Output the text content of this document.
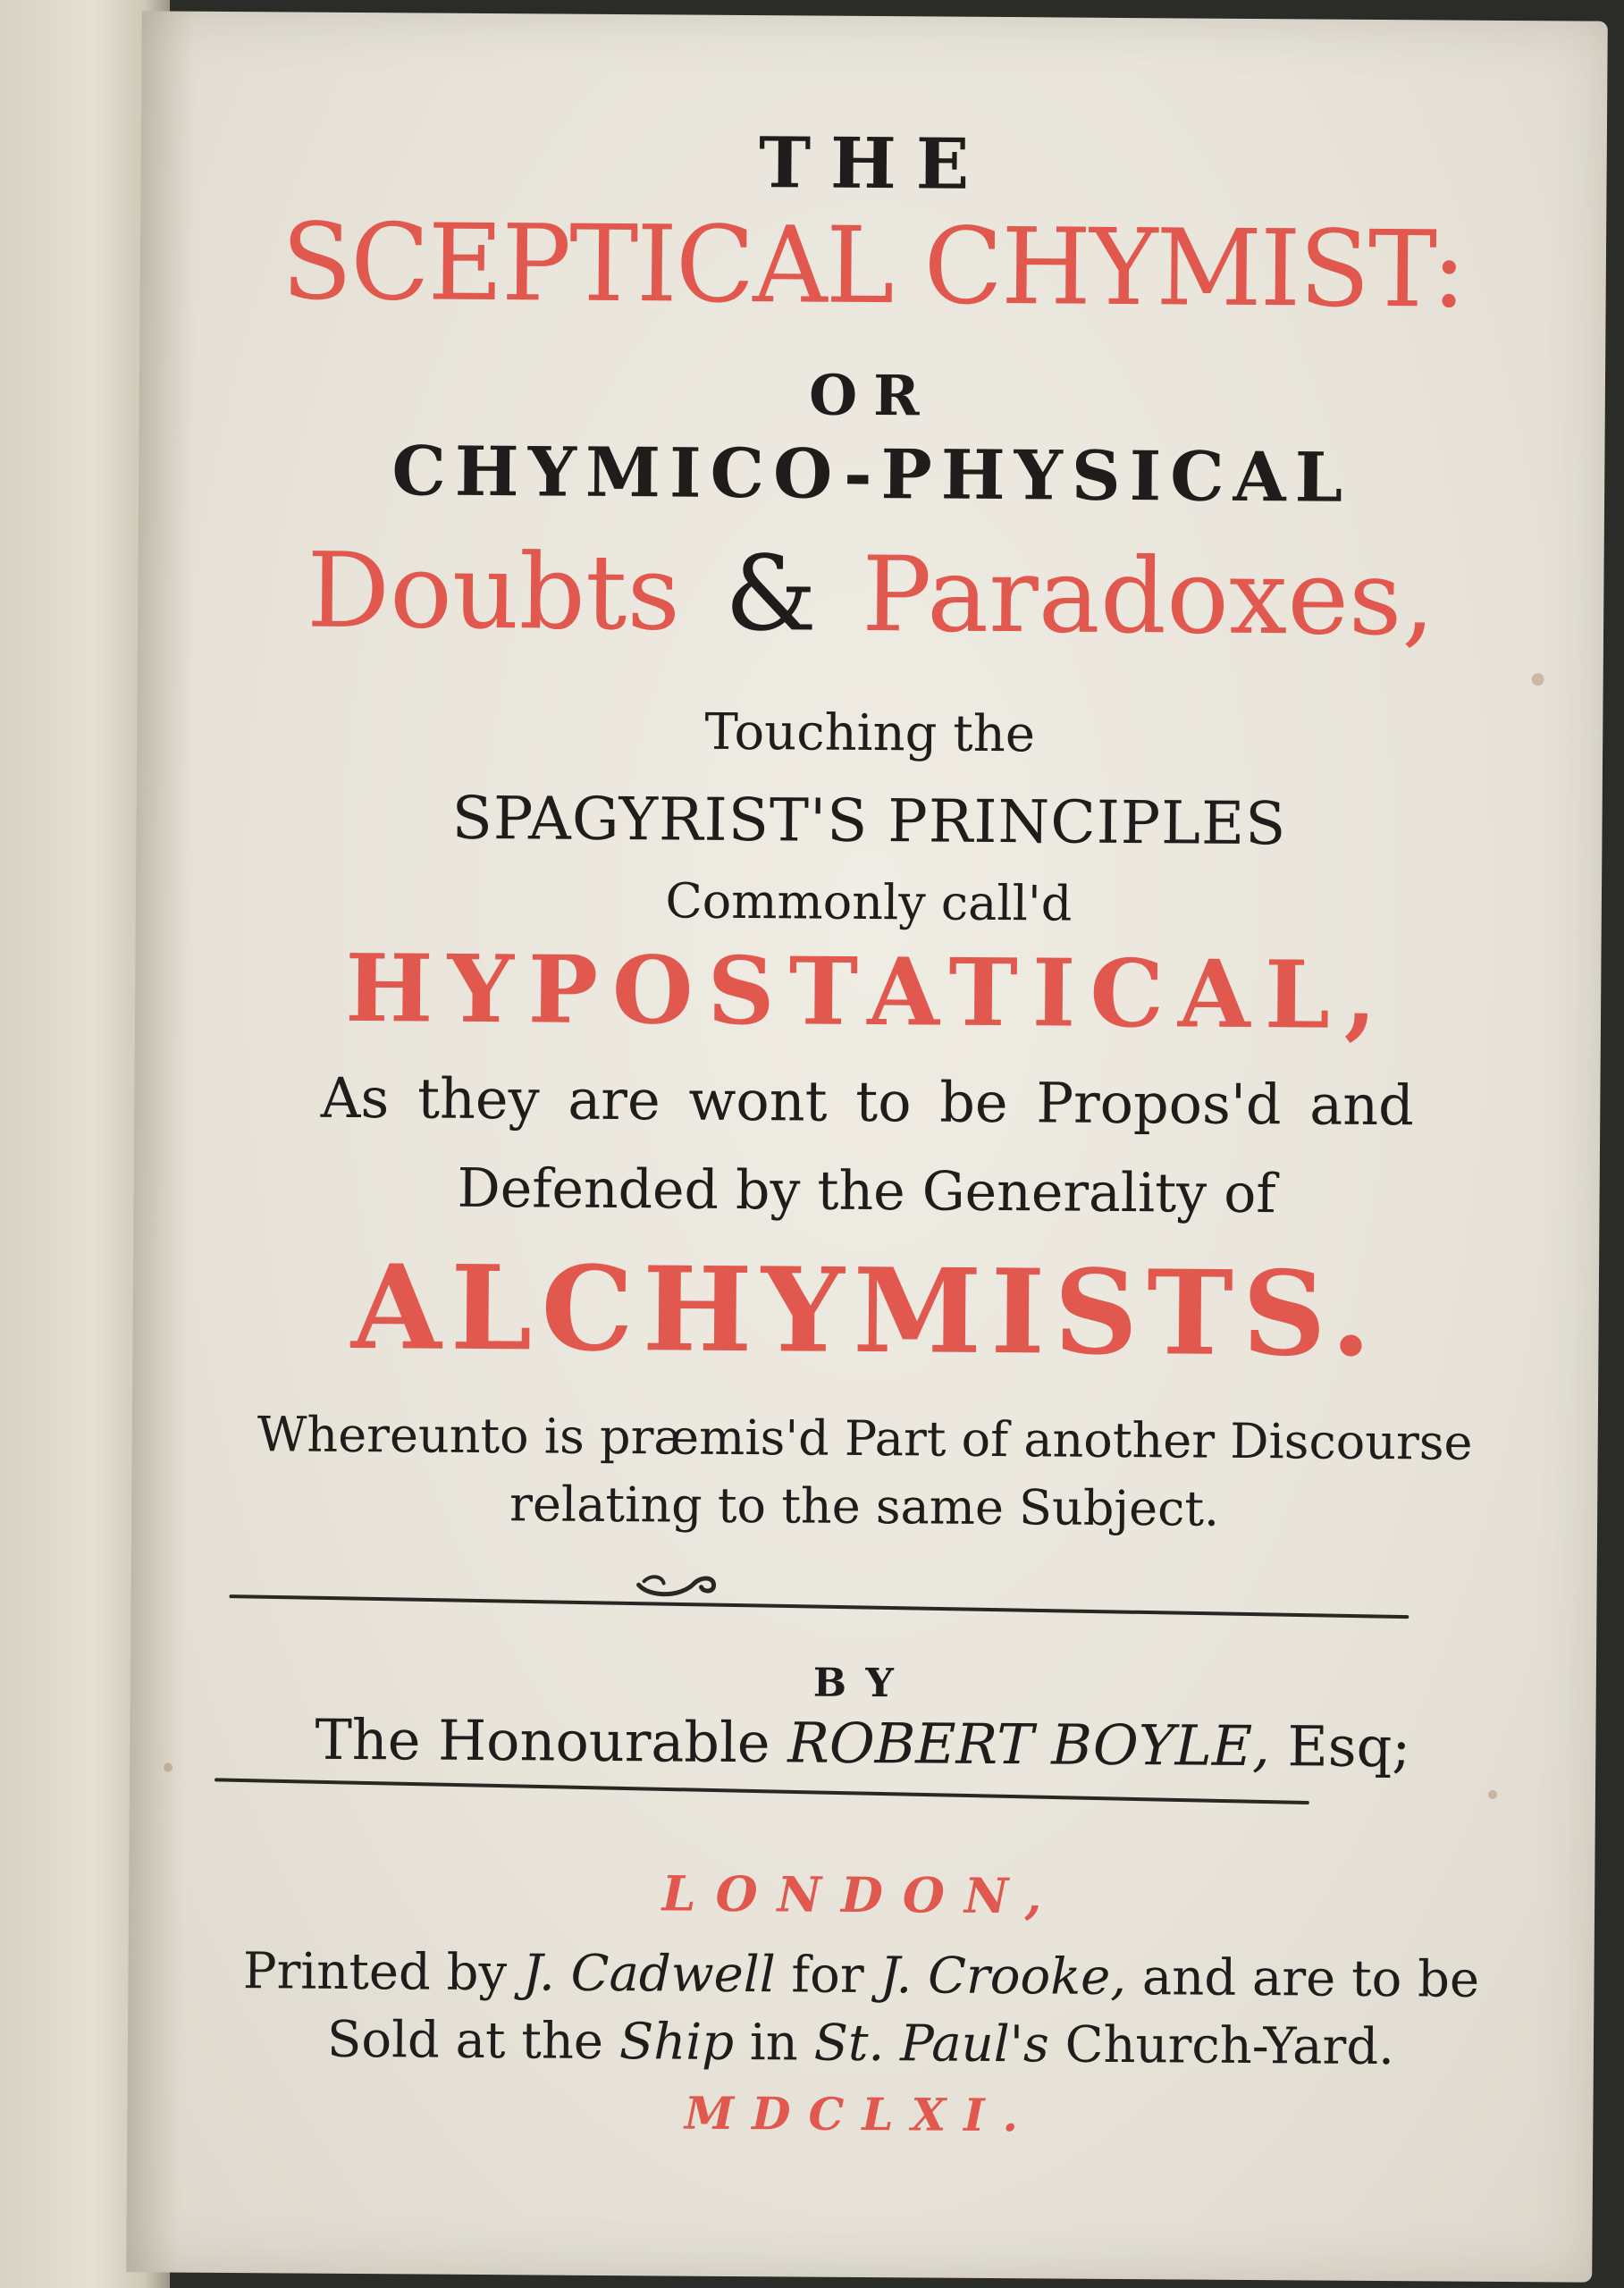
THE
SCEPTICAL CHYMIST:
OR
CHYMICO-PHYSICAL
Doubts & Paradoxes,
Touching the
SPAGYRIST'S PRINCIPLES
Commonly call'd
HYPOSTATICAL,
As they are wont to be Propos'd and
Defended by the Generality of
ALCHYMISTS.
Whereunto is præmis'd Part of another Discourse
relating to the same Subject.
BY
The Honourable ROBERT BOYLE, Esq;
LONDON,
Printed by J. Cadwell for J. Crooke, and are to be
Sold at the Ship in St. Paul's Church-Yard.
MDCLXI.
